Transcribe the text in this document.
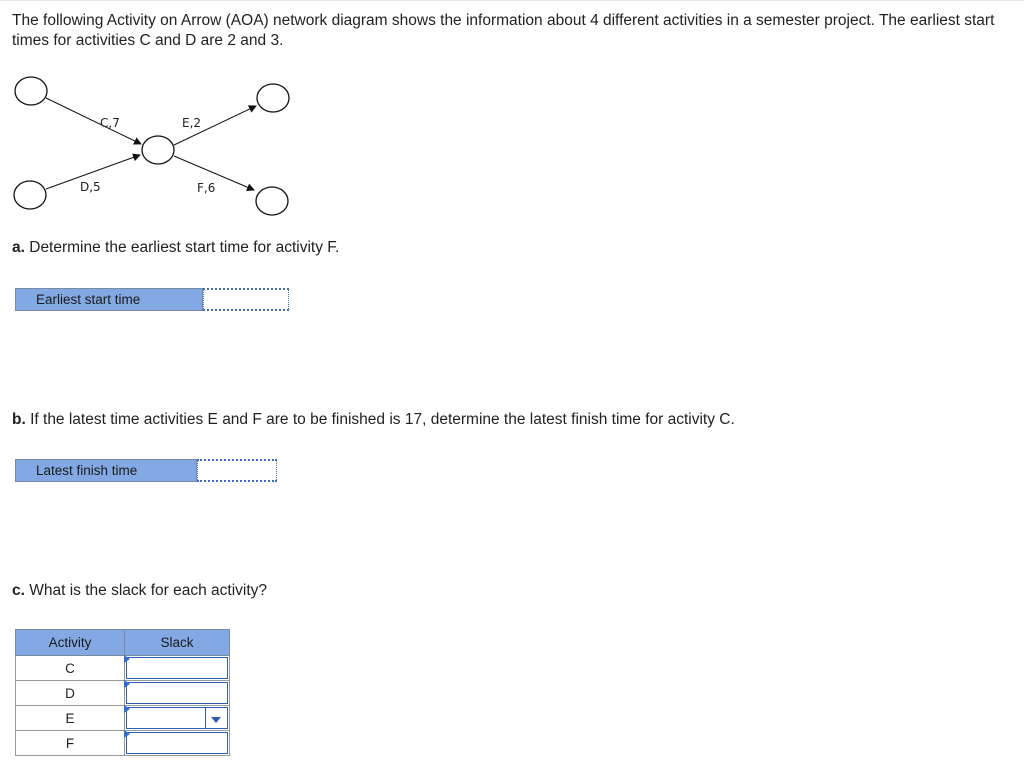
The following Activity on Arrow (AOA) network diagram shows the information about 4 different activities in a semester project. The earliest start times for activities C and D are 2 and 3.
C,7	E,2
D,5	F,6
a. Determine the earliest start time for activity F.
Earliest start time
b. If the latest time activities E and F are to be finished is 17, determine the latest finish time for activity C.
Latest finish time
c. What is the slack for each activity?
Activity	Slack
C	

D	

E	

F	
